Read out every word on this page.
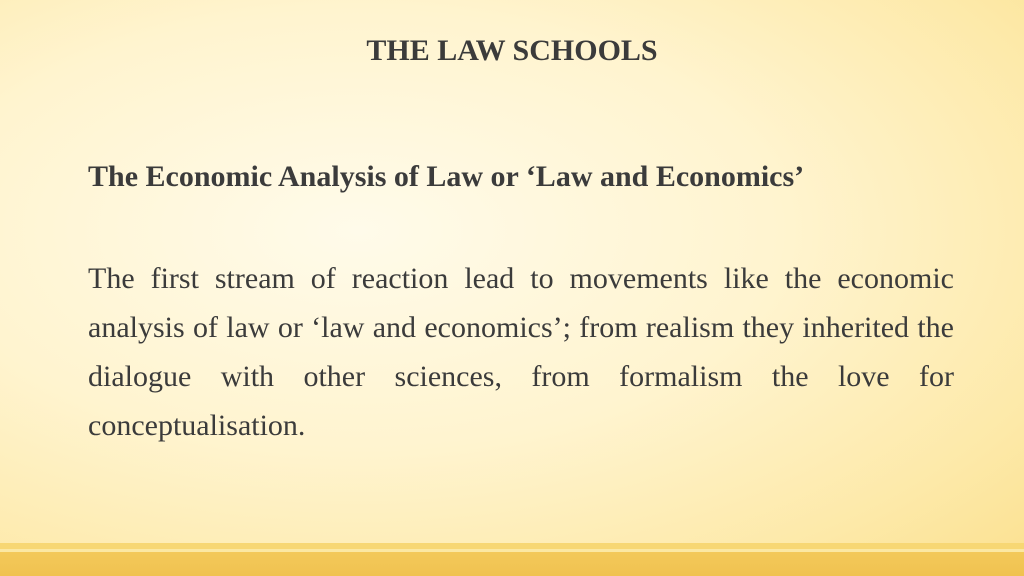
THE LAW SCHOOLS
The Economic Analysis of Law or ‘Law and Economics’
The first stream of reaction lead to movements like the economic analysis of law or ‘law and economics’; from realism they inherited the dialogue with other sciences, from formalism the love for conceptualisation.
